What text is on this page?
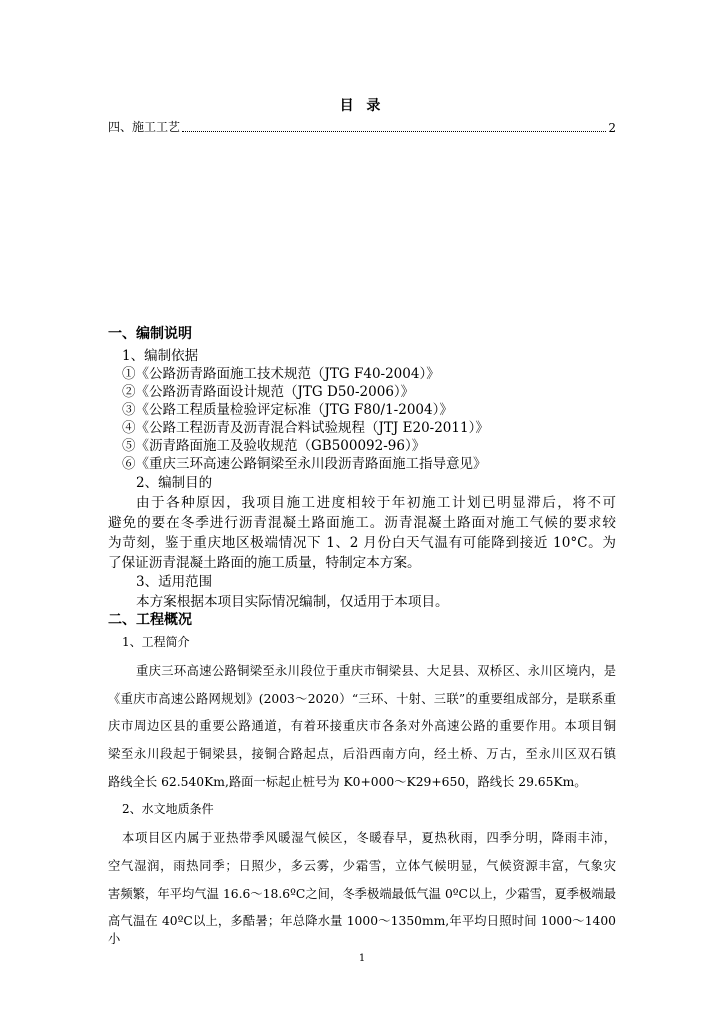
目 录
四、施工工艺	2
一、编制说明
1、编制依据
①《公路沥青路面施工技术规范（JTG F40-2004）》
②《公路沥青路面设计规范（JTG D50-2006）》
③《公路工程质量检验评定标准（JTG F80/1-2004）》
④《公路工程沥青及沥青混合料试验规程（JTJ E20-2011）》
⑤《沥青路面施工及验收规范（GB500092-96）》
⑥《重庆三环高速公路铜梁至永川段沥青路面施工指导意见》
2、编制目的
由于各种原因，我项目施工进度相较于年初施工计划已明显滞后，将不可
避免的要在冬季进行沥青混凝土路面施工。沥青混凝土路面对施工气候的要求较
为苛刻，鉴于重庆地区极端情况下 1、2 月份白天气温有可能降到接近 10°C。为
了保证沥青混凝土路面的施工质量，特制定本方案。
3、适用范围
本方案根据本项目实际情况编制，仅适用于本项目。
二、工程概况
1、工程简介
重庆三环高速公路铜梁至永川段位于重庆市铜梁县、大足县、双桥区、永川区境内，是
《重庆市高速公路网规划》(2003～2020）“三环、十射、三联”的重要组成部分，是联系重
庆市周边区县的重要公路通道，有着环接重庆市各条对外高速公路的重要作用。本项目铜
梁至永川段起于铜梁县，接铜合路起点，后沿西南方向，经土桥、万古，至永川区双石镇
路线全长 62.540Km,路面一标起止桩号为 K0+000～K29+650，路线长 29.65Km。
2、水文地质条件
本项目区内属于亚热带季风暖湿气候区，冬暖春早，夏热秋雨，四季分明，降雨丰沛，
空气湿润，雨热同季；日照少，多云雾，少霜雪，立体气候明显，气候资源丰富，气象灾
害频繁，年平均气温 16.6～18.6ºC之间，冬季极端最低气温 0ºC以上，少霜雪，夏季极端最
高气温在 40ºC以上，多酷暑；年总降水量 1000～1350mm,年平均日照时间 1000～1400 小
1
